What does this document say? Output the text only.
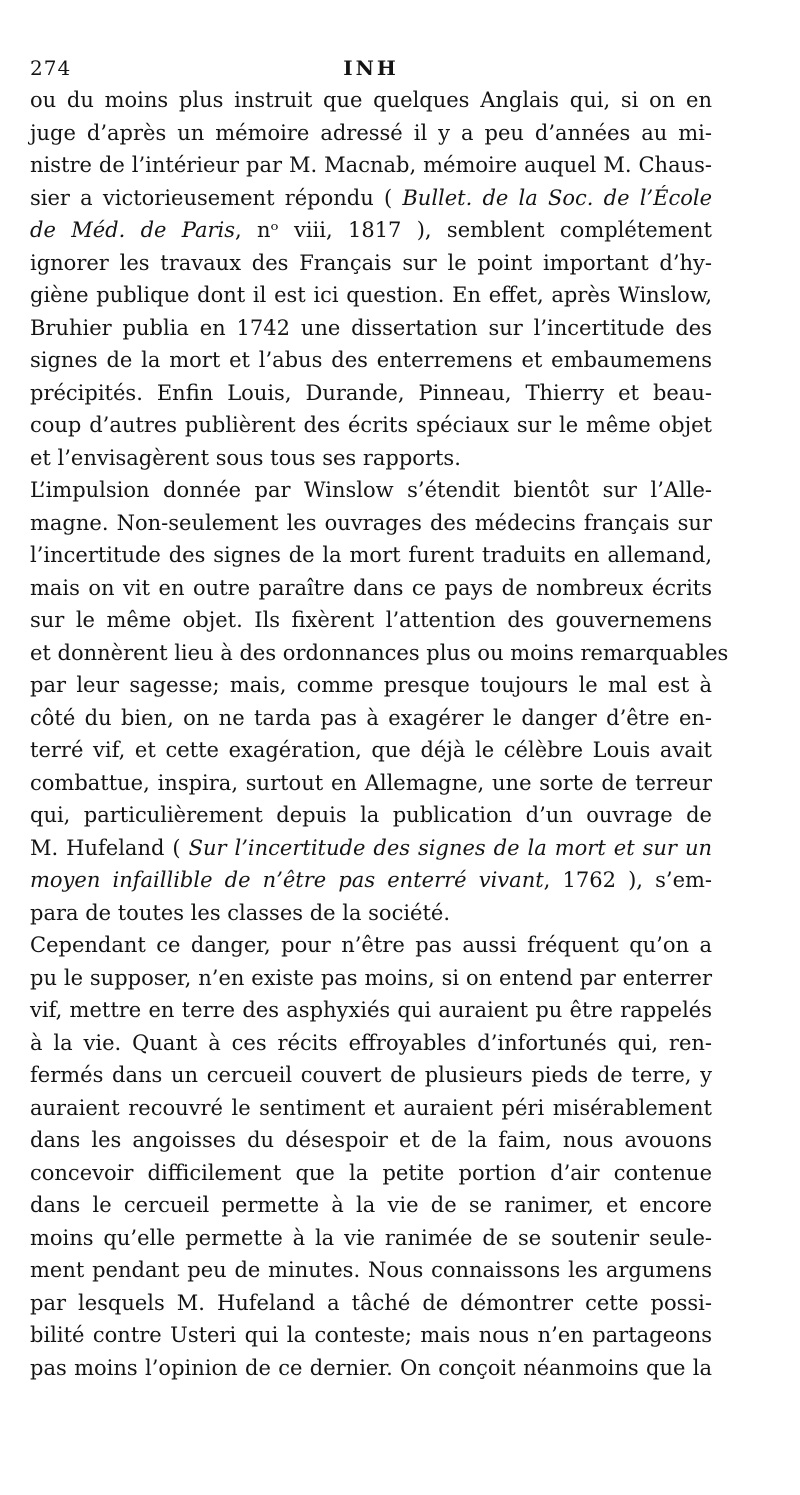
274	INH
ou du moins plus instruit que quelques Anglais qui, si on en
juge d’après un mémoire adressé il y a peu d’années au mi-
nistre de l’intérieur par M. Macnab, mémoire auquel M. Chaus-
sier a victorieusement répondu ( Bullet. de la Soc. de l’École
de Méd. de Paris, nᵒ viii, 1817 ), semblent complétement
ignorer les travaux des Français sur le point important d’hy-
giène publique dont il est ici question. En effet, après Winslow,
Bruhier publia en 1742 une dissertation sur l’incertitude des
signes de la mort et l’abus des enterremens et embaumemens
précipités. Enfin Louis, Durande, Pinneau, Thierry et beau-
coup d’autres publièrent des écrits spéciaux sur le même objet
et l’envisagèrent sous tous ses rapports.
L’impulsion donnée par Winslow s’étendit bientôt sur l’Alle-
magne. Non-seulement les ouvrages des médecins français sur
l’incertitude des signes de la mort furent traduits en allemand,
mais on vit en outre paraître dans ce pays de nombreux écrits
sur le même objet. Ils fixèrent l’attention des gouvernemens
et donnèrent lieu à des ordonnances plus ou moins remarquables
par leur sagesse; mais, comme presque toujours le mal est à
côté du bien, on ne tarda pas à exagérer le danger d’être en-
terré vif, et cette exagération, que déjà le célèbre Louis avait
combattue, inspira, surtout en Allemagne, une sorte de terreur
qui, particulièrement depuis la publication d’un ouvrage de
M. Hufeland ( Sur l’incertitude des signes de la mort et sur un
moyen infaillible de n’être pas enterré vivant, 1762 ), s’em-
para de toutes les classes de la société.
Cependant ce danger, pour n’être pas aussi fréquent qu’on a
pu le supposer, n’en existe pas moins, si on entend par enterrer
vif, mettre en terre des asphyxiés qui auraient pu être rappelés
à la vie. Quant à ces récits effroyables d’infortunés qui, ren-
fermés dans un cercueil couvert de plusieurs pieds de terre, y
auraient recouvré le sentiment et auraient péri misérablement
dans les angoisses du désespoir et de la faim, nous avouons
concevoir difficilement que la petite portion d’air contenue
dans le cercueil permette à la vie de se ranimer, et encore
moins qu’elle permette à la vie ranimée de se soutenir seule-
ment pendant peu de minutes. Nous connaissons les argumens
par lesquels M. Hufeland a tâché de démontrer cette possi-
bilité contre Usteri qui la conteste; mais nous n’en partageons
pas moins l’opinion de ce dernier. On conçoit néanmoins que la
